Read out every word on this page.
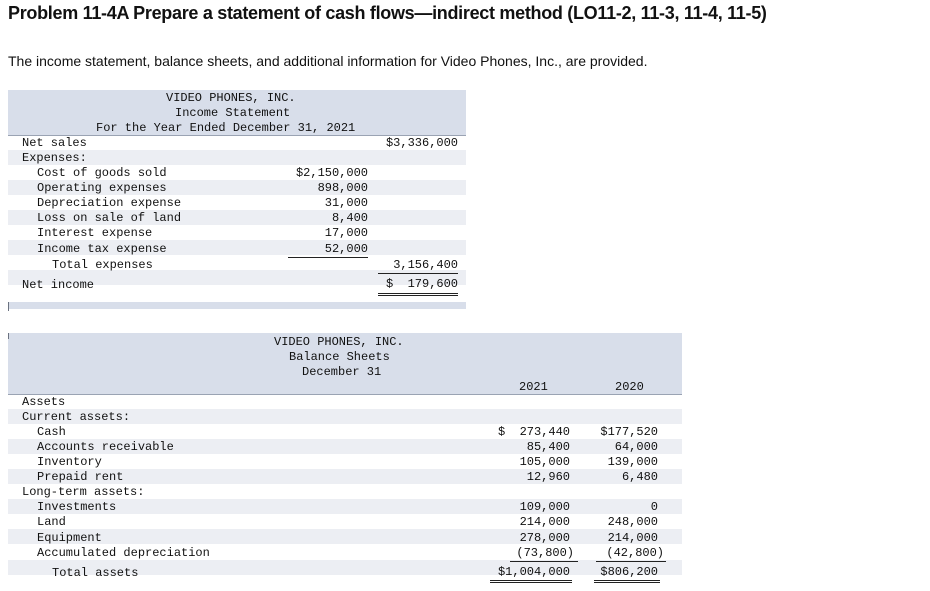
Problem 11-4A Prepare a statement of cash flows—indirect method (LO11-2, 11-3, 11-4, 11-5)

The income statement, balance sheets, and additional information for Video Phones, Inc., are provided.

VIDEO PHONES, INC.
Income Statement
For the Year Ended December 31, 2021
Net sales	$3,336,000
Expenses:
Cost of goods sold	$2,150,000
Operating expenses	898,000
Depreciation expense	31,000
Loss on sale of land	8,400
Interest expense	17,000
Income tax expense	52,000
Total expenses	3,156,400
Net income	$  179,600
VIDEO PHONES, INC.
Balance Sheets
December 31
2021	2020
Assets
Current assets:
Cash	$  273,440	$177,520
Accounts receivable	85,400	64,000
Inventory	105,000	139,000
Prepaid rent	12,960	6,480
Long-term assets:
Investments	109,000	0
Land	214,000	248,000
Equipment	278,000	214,000
Accumulated depreciation	(73,800)	(42,800)
Total assets	$1,004,000	$806,200
